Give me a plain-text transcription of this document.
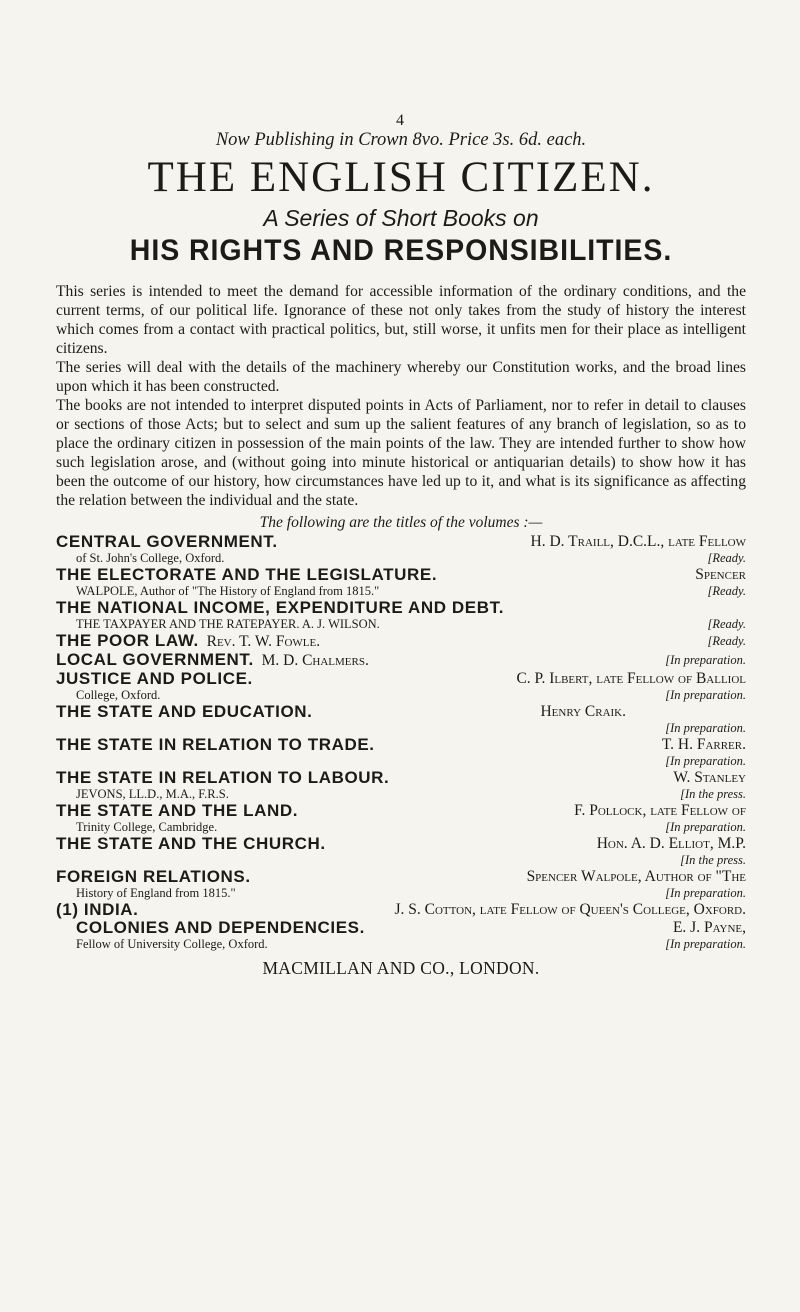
4
Now Publishing in Crown 8vo. Price 3s. 6d. each.
THE ENGLISH CITIZEN.
A Series of Short Books on
HIS RIGHTS AND RESPONSIBILITIES.

This series is intended to meet the demand for accessible information of the ordinary conditions, and the current terms, of our political life. Ignorance of these not only takes from the study of history the interest which comes from a contact with practical politics, but, still worse, it unfits men for their place as intelligent citizens.

The series will deal with the details of the machinery whereby our Constitution works, and the broad lines upon which it has been constructed.

The books are not intended to interpret disputed points in Acts of Parliament, nor to refer in detail to clauses or sections of those Acts; but to select and sum up the salient features of any branch of legislation, so as to place the ordinary citizen in possession of the main points of the law. They are intended further to show how such legislation arose, and (without going into minute historical or antiquarian details) to show how it has been the outcome of our history, how circumstances have led up to it, and what is its significance as affecting the relation between the individual and the state.

The following are the titles of the volumes :—
CENTRAL GOVERNMENT.	H. D. Traill, D.C.L., late Fellow
of St. John's College, Oxford.	[Ready.
THE ELECTORATE AND THE LEGISLATURE.	Spencer
WALPOLE, Author of "The History of England from 1815."	[Ready.
THE NATIONAL INCOME, EXPENDITURE AND DEBT.
THE TAXPAYER AND THE RATEPAYER. A. J. WILSON.	[Ready.
THE POOR LAW. Rev. T. W. Fowle.	[Ready.
LOCAL GOVERNMENT. M. D. Chalmers.	[In preparation.
JUSTICE AND POLICE.	C. P. Ilbert, late Fellow of Balliol
College, Oxford.	[In preparation.
THE STATE AND EDUCATION.	Henry Craik.
[In preparation.
THE STATE IN RELATION TO TRADE.	T. H. Farrer.
[In preparation.
THE STATE IN RELATION TO LABOUR.	W. Stanley
JEVONS, LL.D., M.A., F.R.S.	[In the press.
THE STATE AND THE LAND.	F. Pollock, late Fellow of
Trinity College, Cambridge.	[In preparation.
THE STATE AND THE CHURCH.	Hon. A. D. Elliot, M.P.
[In the press.
FOREIGN RELATIONS.	Spencer Walpole, Author of "The
History of England from 1815."	[In preparation.
(1) INDIA.	J. S. Cotton, late Fellow of Queen's College, Oxford.
COLONIES AND DEPENDENCIES.	E. J. Payne,
Fellow of University College, Oxford.	[In preparation.
MACMILLAN AND CO., LONDON.
